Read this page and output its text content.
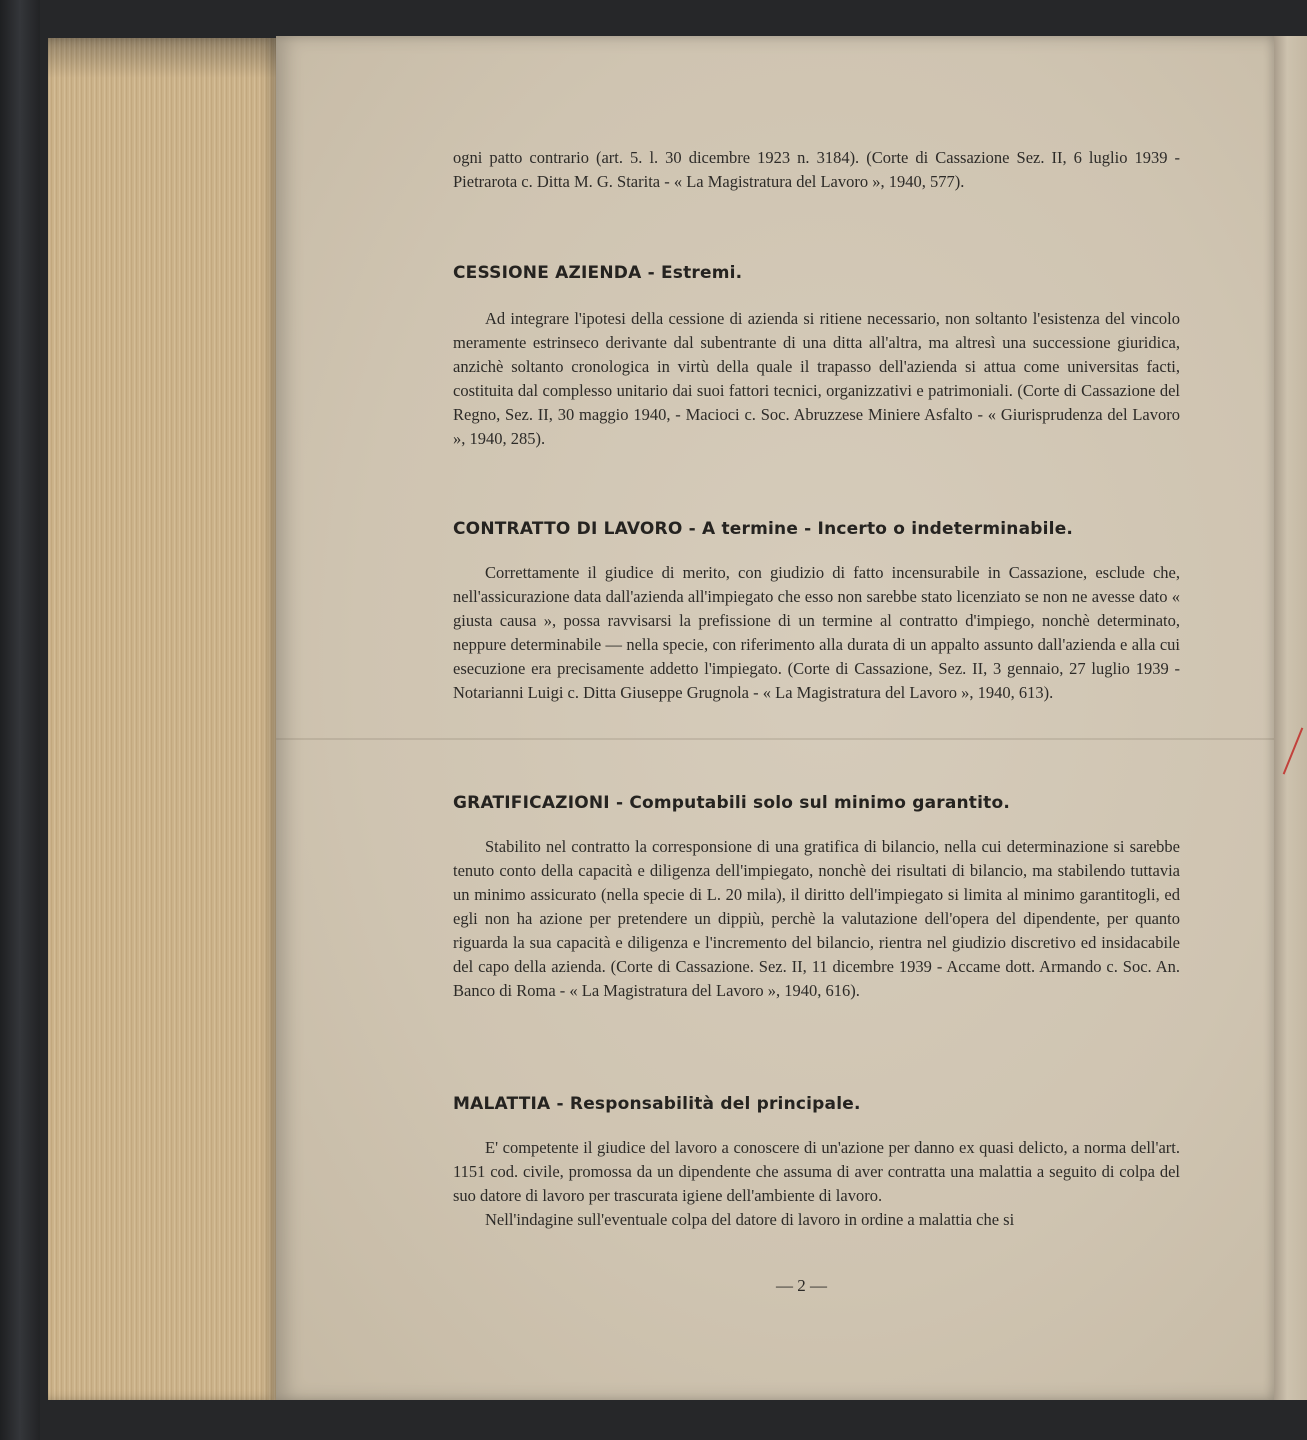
ogni patto contrario (art. 5. l. 30 dicembre 1923 n. 3184). (Corte di Cassazione Sez. II, 6 luglio 1939 - Pietrarota c. Ditta M. G. Starita - « La Magistratura del Lavoro », 1940, 577).

CESSIONE AZIENDA - Estremi.

Ad integrare l'ipotesi della cessione di azienda si ritiene necessario, non soltanto l'esistenza del vincolo meramente estrinseco derivante dal subentrante di una ditta all'altra, ma altresì una successione giuridica, anzichè soltanto cronologica in virtù della quale il trapasso dell'azienda si attua come universitas facti, costituita dal complesso unitario dai suoi fattori tecnici, organizzativi e patrimoniali. (Corte di Cassazione del Regno, Sez. II, 30 maggio 1940, - Macioci c. Soc. Abruzzese Miniere Asfalto - « Giurisprudenza del Lavoro », 1940, 285).

CONTRATTO DI LAVORO - A termine - Incerto o indeterminabile.

Correttamente il giudice di merito, con giudizio di fatto incensurabile in Cassazione, esclude che, nell'assicurazione data dall'azienda all'impiegato che esso non sarebbe stato licenziato se non ne avesse dato « giusta causa », possa ravvisarsi la prefissione di un termine al contratto d'impiego, nonchè determinato, neppure determinabile — nella specie, con riferimento alla durata di un appalto assunto dall'azienda e alla cui esecuzione era precisamente addetto l'impiegato. (Corte di Cassazione, Sez. II, 3 gennaio, 27 luglio 1939 - Notarianni Luigi c. Ditta Giuseppe Grugnola - « La Magistratura del Lavoro », 1940, 613).

GRATIFICAZIONI - Computabili solo sul minimo garantito.

Stabilito nel contratto la corresponsione di una gratifica di bilancio, nella cui determinazione si sarebbe tenuto conto della capacità e diligenza dell'impiegato, nonchè dei risultati di bilancio, ma stabilendo tuttavia un minimo assicurato (nella specie di L. 20 mila), il diritto dell'impiegato si limita al minimo garantitogli, ed egli non ha azione per pretendere un dippiù, perchè la valutazione dell'opera del dipendente, per quanto riguarda la sua capacità e diligenza e l'incremento del bilancio, rientra nel giudizio discretivo ed insidacabile del capo della azienda. (Corte di Cassazione. Sez. II, 11 dicembre 1939 - Accame dott. Armando c. Soc. An. Banco di Roma - « La Magistratura del Lavoro », 1940, 616).

MALATTIA - Responsabilità del principale.

E' competente il giudice del lavoro a conoscere di un'azione per danno ex quasi delicto, a norma dell'art. 1151 cod. civile, promossa da un dipendente che assuma di aver contratta una malattia a seguito di colpa del suo datore di lavoro per trascurata igiene dell'ambiente di lavoro.

Nell'indagine sull'eventuale colpa del datore di lavoro in ordine a malattia che si

— 2 —
